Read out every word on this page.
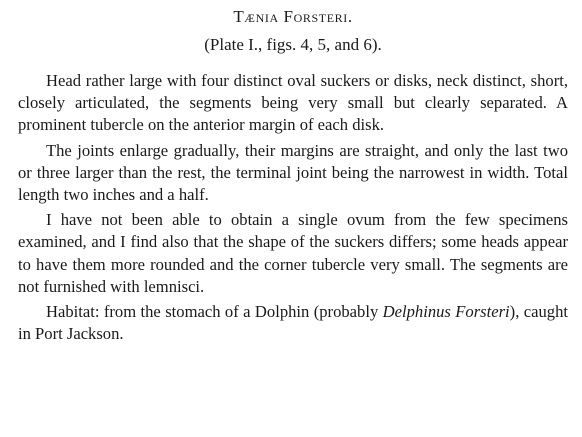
Tænia Forsteri.
(Plate I., figs. 4, 5, and 6).

Head rather large with four distinct oval suckers or disks, neck distinct, short, closely articulated, the segments being very small but clearly separated. A prominent tubercle on the anterior margin of each disk.

The joints enlarge gradually, their margins are straight, and only the last two or three larger than the rest, the terminal joint being the narrowest in width. Total length two inches and a half.

I have not been able to obtain a single ovum from the few specimens examined, and I find also that the shape of the suckers differs; some heads appear to have them more rounded and the corner tubercle very small. The segments are not furnished with lemnisci.

Habitat: from the stomach of a Dolphin (probably Delphinus Forsteri), caught in Port Jackson.
